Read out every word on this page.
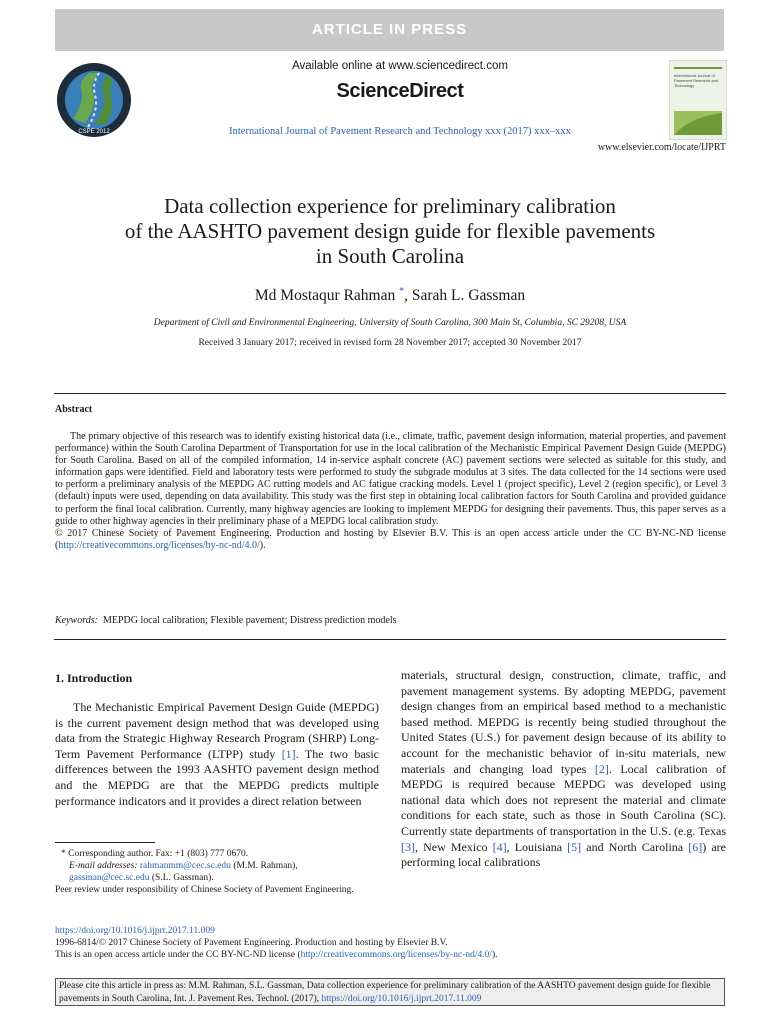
ARTICLE IN PRESS
CSPE 2012
Available online at www.sciencedirect.com
ScienceDirect
International Journal of Pavement Research and Technology xxx (2017) xxx–xxx
www.elsevier.com/locate/IJPRT
International Journal of Pavement Research and Technology
Data collection experience for preliminary calibration
of the AASHTO pavement design guide for flexible pavements
in South Carolina
Md Mostaqur Rahman *, Sarah L. Gassman
Department of Civil and Environmental Engineering, University of South Carolina, 300 Main St, Columbia, SC 29208, USA
Received 3 January 2017; received in revised form 28 November 2017; accepted 30 November 2017
Abstract

The primary objective of this research was to identify existing historical data (i.e., climate, traffic, pavement design information, material properties, and pavement performance) within the South Carolina Department of Transportation for use in the local calibration of the Mechanistic Empirical Pavement Design Guide (MEPDG) for South Carolina. Based on all of the compiled information, 14 in-service asphalt concrete (AC) pavement sections were selected as suitable for this study, and information gaps were identified. Field and laboratory tests were performed to study the subgrade modulus at 3 sites. The data collected for the 14 sections were used to perform a preliminary analysis of the MEPDG AC rutting models and AC fatigue cracking models. Level 1 (project specific), Level 2 (region specific), or Level 3 (default) inputs were used, depending on data availability. This study was the first step in obtaining local calibration factors for South Carolina and provided guidance to perform the final local calibration. Currently, many highway agencies are looking to implement MEPDG for designing their pavements. Thus, this paper serves as a guide to other highway agencies in their preliminary phase of a MEPDG local calibration study.

© 2017 Chinese Society of Pavement Engineering. Production and hosting by Elsevier B.V. This is an open access article under the CC BY-NC-ND license (http://creativecommons.org/licenses/by-nc-nd/4.0/).

Keywords: MEPDG local calibration; Flexible pavement; Distress prediction models
1. Introduction
The Mechanistic Empirical Pavement Design Guide (MEPDG) is the current pavement design method that was developed using data from the Strategic Highway Research Program (SHRP) Long-Term Pavement Performance (LTPP) study [1]. The two basic differences between the 1993 AASHTO pavement design method and the MEPDG are that the MEPDG predicts multiple performance indicators and it provides a direct relation between
materials, structural design, construction, climate, traffic, and pavement management systems. By adopting MEPDG, pavement design changes from an empirical based method to a mechanistic based method. MEPDG is recently being studied throughout the United States (U.S.) for pavement design because of its ability to account for the mechanistic behavior of in-situ materials, new materials and changing load types [2]. Local calibration of MEPDG is required because MEPDG was developed using national data which does not represent the material and climate conditions for each state, such as those in South Carolina (SC). Currently state departments of transportation in the U.S. (e.g. Texas [3], New Mexico [4], Louisiana [5] and North Carolina [6]) are performing local calibrations
* Corresponding author. Fax: +1 (803) 777 0670.
E-mail addresses: rahmanmm@cec.sc.edu (M.M. Rahman), gassman@cec.sc.edu (S.L. Gassman).
Peer review under responsibility of Chinese Society of Pavement Engineering.
https://doi.org/10.1016/j.ijprt.2017.11.009
1996-6814/© 2017 Chinese Society of Pavement Engineering. Production and hosting by Elsevier B.V.
This is an open access article under the CC BY-NC-ND license (http://creativecommons.org/licenses/by-nc-nd/4.0/).
Please cite this article in press as: M.M. Rahman, S.L. Gassman, Data collection experience for preliminary calibration of the AASHTO pavement design guide for flexible pavements in South Carolina, Int. J. Pavement Res. Technol. (2017), https://doi.org/10.1016/j.ijprt.2017.11.009
